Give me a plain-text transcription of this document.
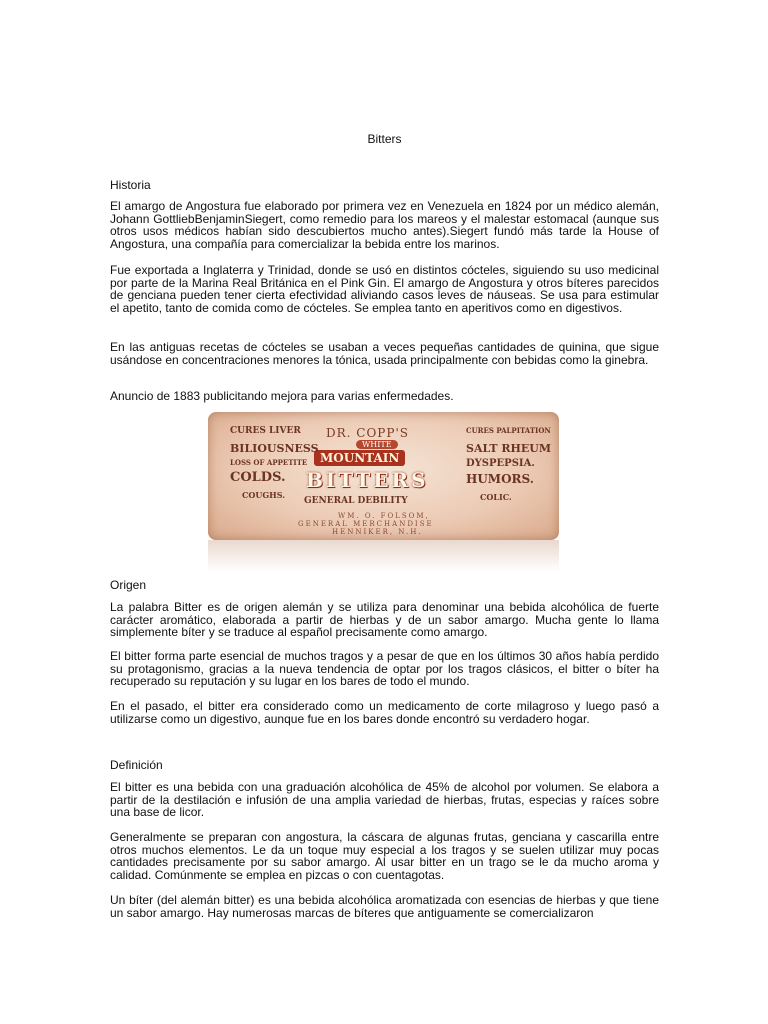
Bitters
Historia

El amargo de Angostura fue elaborado por primera vez en Venezuela en 1824 por un médico alemán, Johann GottliebBenjaminSiegert, como remedio para los mareos y el malestar estomacal (aunque sus otros usos médicos habían sido descubiertos mucho antes).Siegert fundó más tarde la House of Angostura, una compañía para comercializar la bebida entre los marinos.

Fue exportada a Inglaterra y Trinidad, donde se usó en distintos cócteles, siguiendo su uso medicinal por parte de la Marina Real Británica en el Pink Gin. El amargo de Angostura y otros bíteres parecidos de genciana pueden tener cierta efectividad aliviando casos leves de náuseas. Se usa para estimular el apetito, tanto de comida como de cócteles. Se emplea tanto en aperitivos como en digestivos.

En las antiguas recetas de cócteles se usaban a veces pequeñas cantidades de quinina, que sigue usándose en concentraciones menores la tónica, usada principalmente con bebidas como la ginebra.

Anuncio de 1883 publicitando mejora para varias enfermedades.

DR. COPP'S
WHITE
MOUNTAIN
BITTERS
CURES LIVER
BILIOUSNESS
LOSS OF APPETITE
COLDS.
COUGHS.
CURES PALPITATION
SALT RHEUM
DYSPEPSIA.
HUMORS.
COLIC.
GENERAL DEBILITY
WM. O. FOLSOM,
GENERAL MERCHANDISE
HENNIKER, N.H.
Origen

La palabra Bitter es de origen alemán y se utiliza para denominar una bebida alcohólica de fuerte carácter aromático, elaborada a partir de hierbas y de un sabor amargo. Mucha gente lo llama simplemente bíter y se traduce al español precisamente como amargo.

El bitter forma parte esencial de muchos tragos y a pesar de que en los últimos 30 años había perdido su protagonismo, gracias a la nueva tendencia de optar por los tragos clásicos, el bitter o bíter ha recuperado su reputación y su lugar en los bares de todo el mundo.

En el pasado, el bitter era considerado como un medicamento de corte milagroso y luego pasó a utilizarse como un digestivo, aunque fue en los bares donde encontró su verdadero hogar.

Definición

El bitter es una bebida con una graduación alcohólica de 45% de alcohol por volumen. Se elabora a partir de la destilación e infusión de una amplia variedad de hierbas, frutas, especias y raíces sobre una base de licor.

Generalmente se preparan con angostura, la cáscara de algunas frutas, genciana y cascarilla entre otros muchos elementos. Le da un toque muy especial a los tragos y se suelen utilizar muy pocas cantidades precisamente por su sabor amargo. Al usar bitter en un trago se le da mucho aroma y calidad. Comúnmente se emplea en pizcas o con cuentagotas.

Un bíter (del alemán bitter) es una bebida alcohólica aromatizada con esencias de hierbas y que tiene un sabor amargo. Hay numerosas marcas de bíteres que antiguamente se comercializaron
